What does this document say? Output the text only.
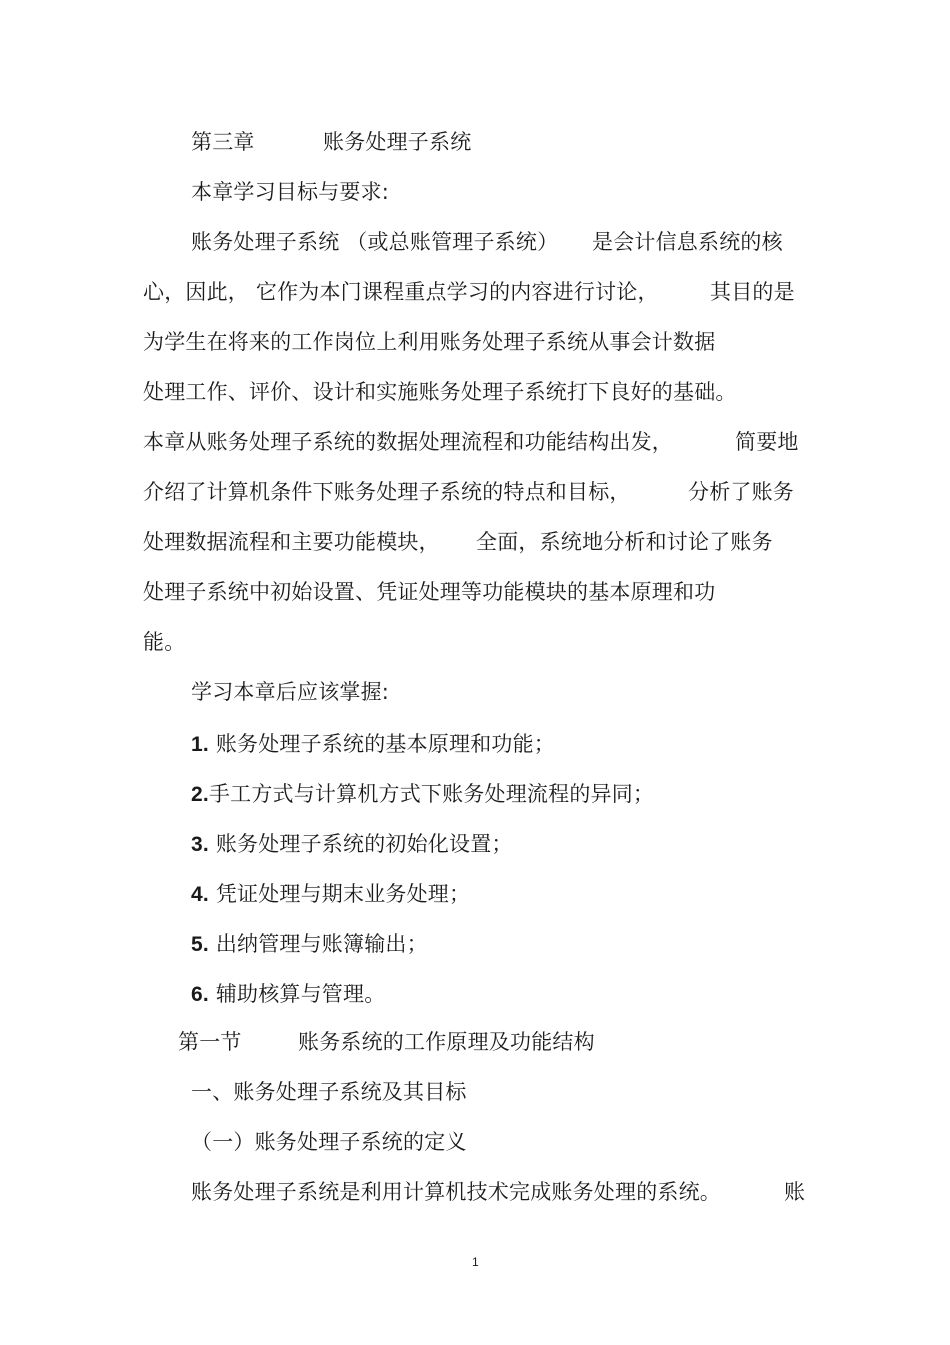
第三章	账务处理子系统
本章学习目标与要求:
账务处理子系统 （或总账管理子系统） 是会计信息系统的核
心，因此， 它作为本门课程重点学习的内容进行讨论， 其目的是
为学生在将来的工作岗位上利用账务处理子系统从事会计数据
处理工作、评价、设计和实施账务处理子系统打下良好的基础。
本章从账务处理子系统的数据处理流程和功能结构出发，	简要地
介绍了计算机条件下账务处理子系统的特点和目标，	分析了账务
处理数据流程和主要功能模块， 全面，系统地分析和讨论了账务
处理子系统中初始设置、凭证处理等功能模块的基本原理和功
能。
学习本章后应该掌握:
1. 账务处理子系统的基本原理和功能；
2.手工方式与计算机方式下账务处理流程的异同；
3. 账务处理子系统的初始化设置；
4. 凭证处理与期末业务处理；
5. 出纳管理与账簿输出；
6. 辅助核算与管理。
第一节	账务系统的工作原理及功能结构
一、账务处理子系统及其目标
（一）账务处理子系统的定义
账务处理子系统是利用计算机技术完成账务处理的系统。	账
1
